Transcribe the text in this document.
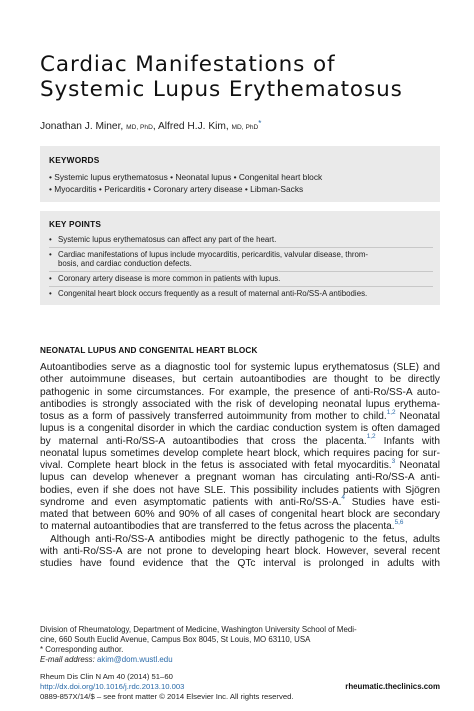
Cardiac Manifestations of
Systemic Lupus Erythematosus
Jonathan J. Miner, MD, PhD, Alfred H.J. Kim, MD, PhD*
KEYWORDS
• Systemic lupus erythematosus • Neonatal lupus • Congenital heart block
• Myocarditis • Pericarditis • Coronary artery disease • Libman-Sacks
KEY POINTS
• Systemic lupus erythematosus can affect any part of the heart.
• Cardiac manifestations of lupus include myocarditis, pericarditis, valvular disease, throm-
bosis, and cardiac conduction defects.
• Coronary artery disease is more common in patients with lupus.
• Congenital heart block occurs frequently as a result of maternal anti-Ro/SS-A antibodies.
NEONATAL LUPUS AND CONGENITAL HEART BLOCK
Autoantibodies serve as a diagnostic tool for systemic lupus erythematosus (SLE) and
other autoimmune diseases, but certain autoantibodies are thought to be directly
pathogenic in some circumstances. For example, the presence of anti-Ro/SS-A auto-
antibodies is strongly associated with the risk of developing neonatal lupus erythema-
tosus as a form of passively transferred autoimmunity from mother to child.$^{1,2}$ Neonatal
lupus is a congenital disorder in which the cardiac conduction system is often damaged
by maternal anti-Ro/SS-A autoantibodies that cross the placenta.$^{1,2}$ Infants with
neonatal lupus sometimes develop complete heart block, which requires pacing for sur-
vival. Complete heart block in the fetus is associated with fetal myocarditis.$^3$ Neonatal
lupus can develop whenever a pregnant woman has circulating anti-Ro/SS-A anti-
bodies, even if she does not have SLE. This possibility includes patients with Sjögren
syndrome and even asymptomatic patients with anti-Ro/SS-A.$^4$ Studies have esti-
mated that between 60% and 90% of all cases of congenital heart block are secondary
to maternal autoantibodies that are transferred to the fetus across the placenta.$^{5,6}$
Although anti-Ro/SS-A antibodies might be directly pathogenic to the fetus, adults
with anti-Ro/SS-A are not prone to developing heart block. However, several recent
studies have found evidence that the QTc interval is prolonged in adults with
Division of Rheumatology, Department of Medicine, Washington University School of Medi-
cine, 660 South Euclid Avenue, Campus Box 8045, St Louis, MO 63110, USA
* Corresponding author.
E-mail address: akim@dom.wustl.edu
Rheum Dis Clin N Am 40 (2014) 51–60
http://dx.doi.org/10.1016/j.rdc.2013.10.003
0889-857X/14/$ – see front matter © 2014 Elsevier Inc. All rights reserved.
rheumatic.theclinics.com
